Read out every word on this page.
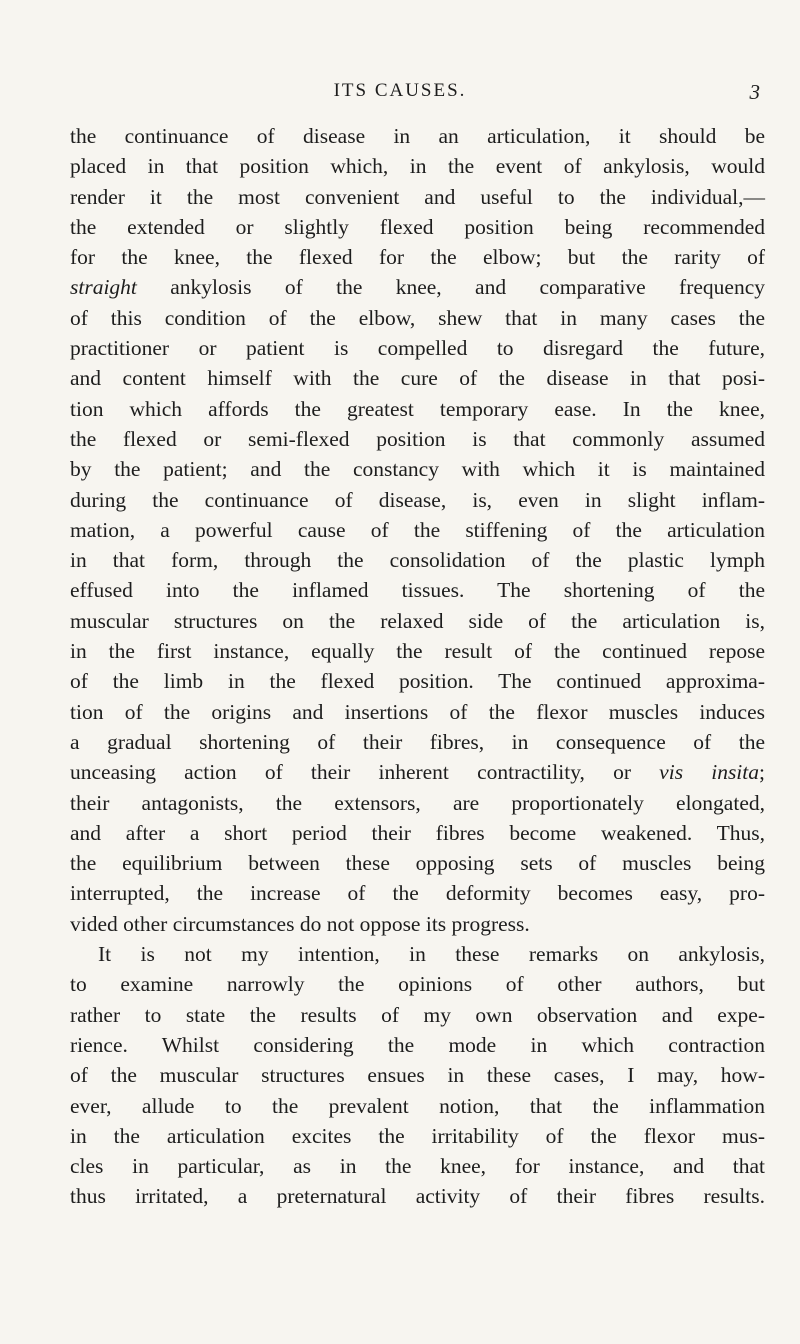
ITS CAUSES.	3
the continuance of disease in an articulation, it should be
placed in that position which, in the event of ankylosis, would
render it the most convenient and useful to the individual,—
the extended or slightly flexed position being recommended
for the knee, the flexed for the elbow; but the rarity of
straight ankylosis of the knee, and comparative frequency
of this condition of the elbow, shew that in many cases the
practitioner or patient is compelled to disregard the future,
and content himself with the cure of the disease in that posi-
tion which affords the greatest temporary ease. In the knee,
the flexed or semi-flexed position is that commonly assumed
by the patient; and the constancy with which it is maintained
during the continuance of disease, is, even in slight inflam-
mation, a powerful cause of the stiffening of the articulation
in that form, through the consolidation of the plastic lymph
effused into the inflamed tissues. The shortening of the
muscular structures on the relaxed side of the articulation is,
in the first instance, equally the result of the continued repose
of the limb in the flexed position. The continued approxima-
tion of the origins and insertions of the flexor muscles induces
a gradual shortening of their fibres, in consequence of the
unceasing action of their inherent contractility, or vis insita;
their antagonists, the extensors, are proportionately elongated,
and after a short period their fibres become weakened. Thus,
the equilibrium between these opposing sets of muscles being
interrupted, the increase of the deformity becomes easy, pro-
vided other circumstances do not oppose its progress.
It is not my intention, in these remarks on ankylosis,
to examine narrowly the opinions of other authors, but
rather to state the results of my own observation and expe-
rience. Whilst considering the mode in which contraction
of the muscular structures ensues in these cases, I may, how-
ever, allude to the prevalent notion, that the inflammation
in the articulation excites the irritability of the flexor mus-
cles in particular, as in the knee, for instance, and that
thus irritated, a preternatural activity of their fibres results.
